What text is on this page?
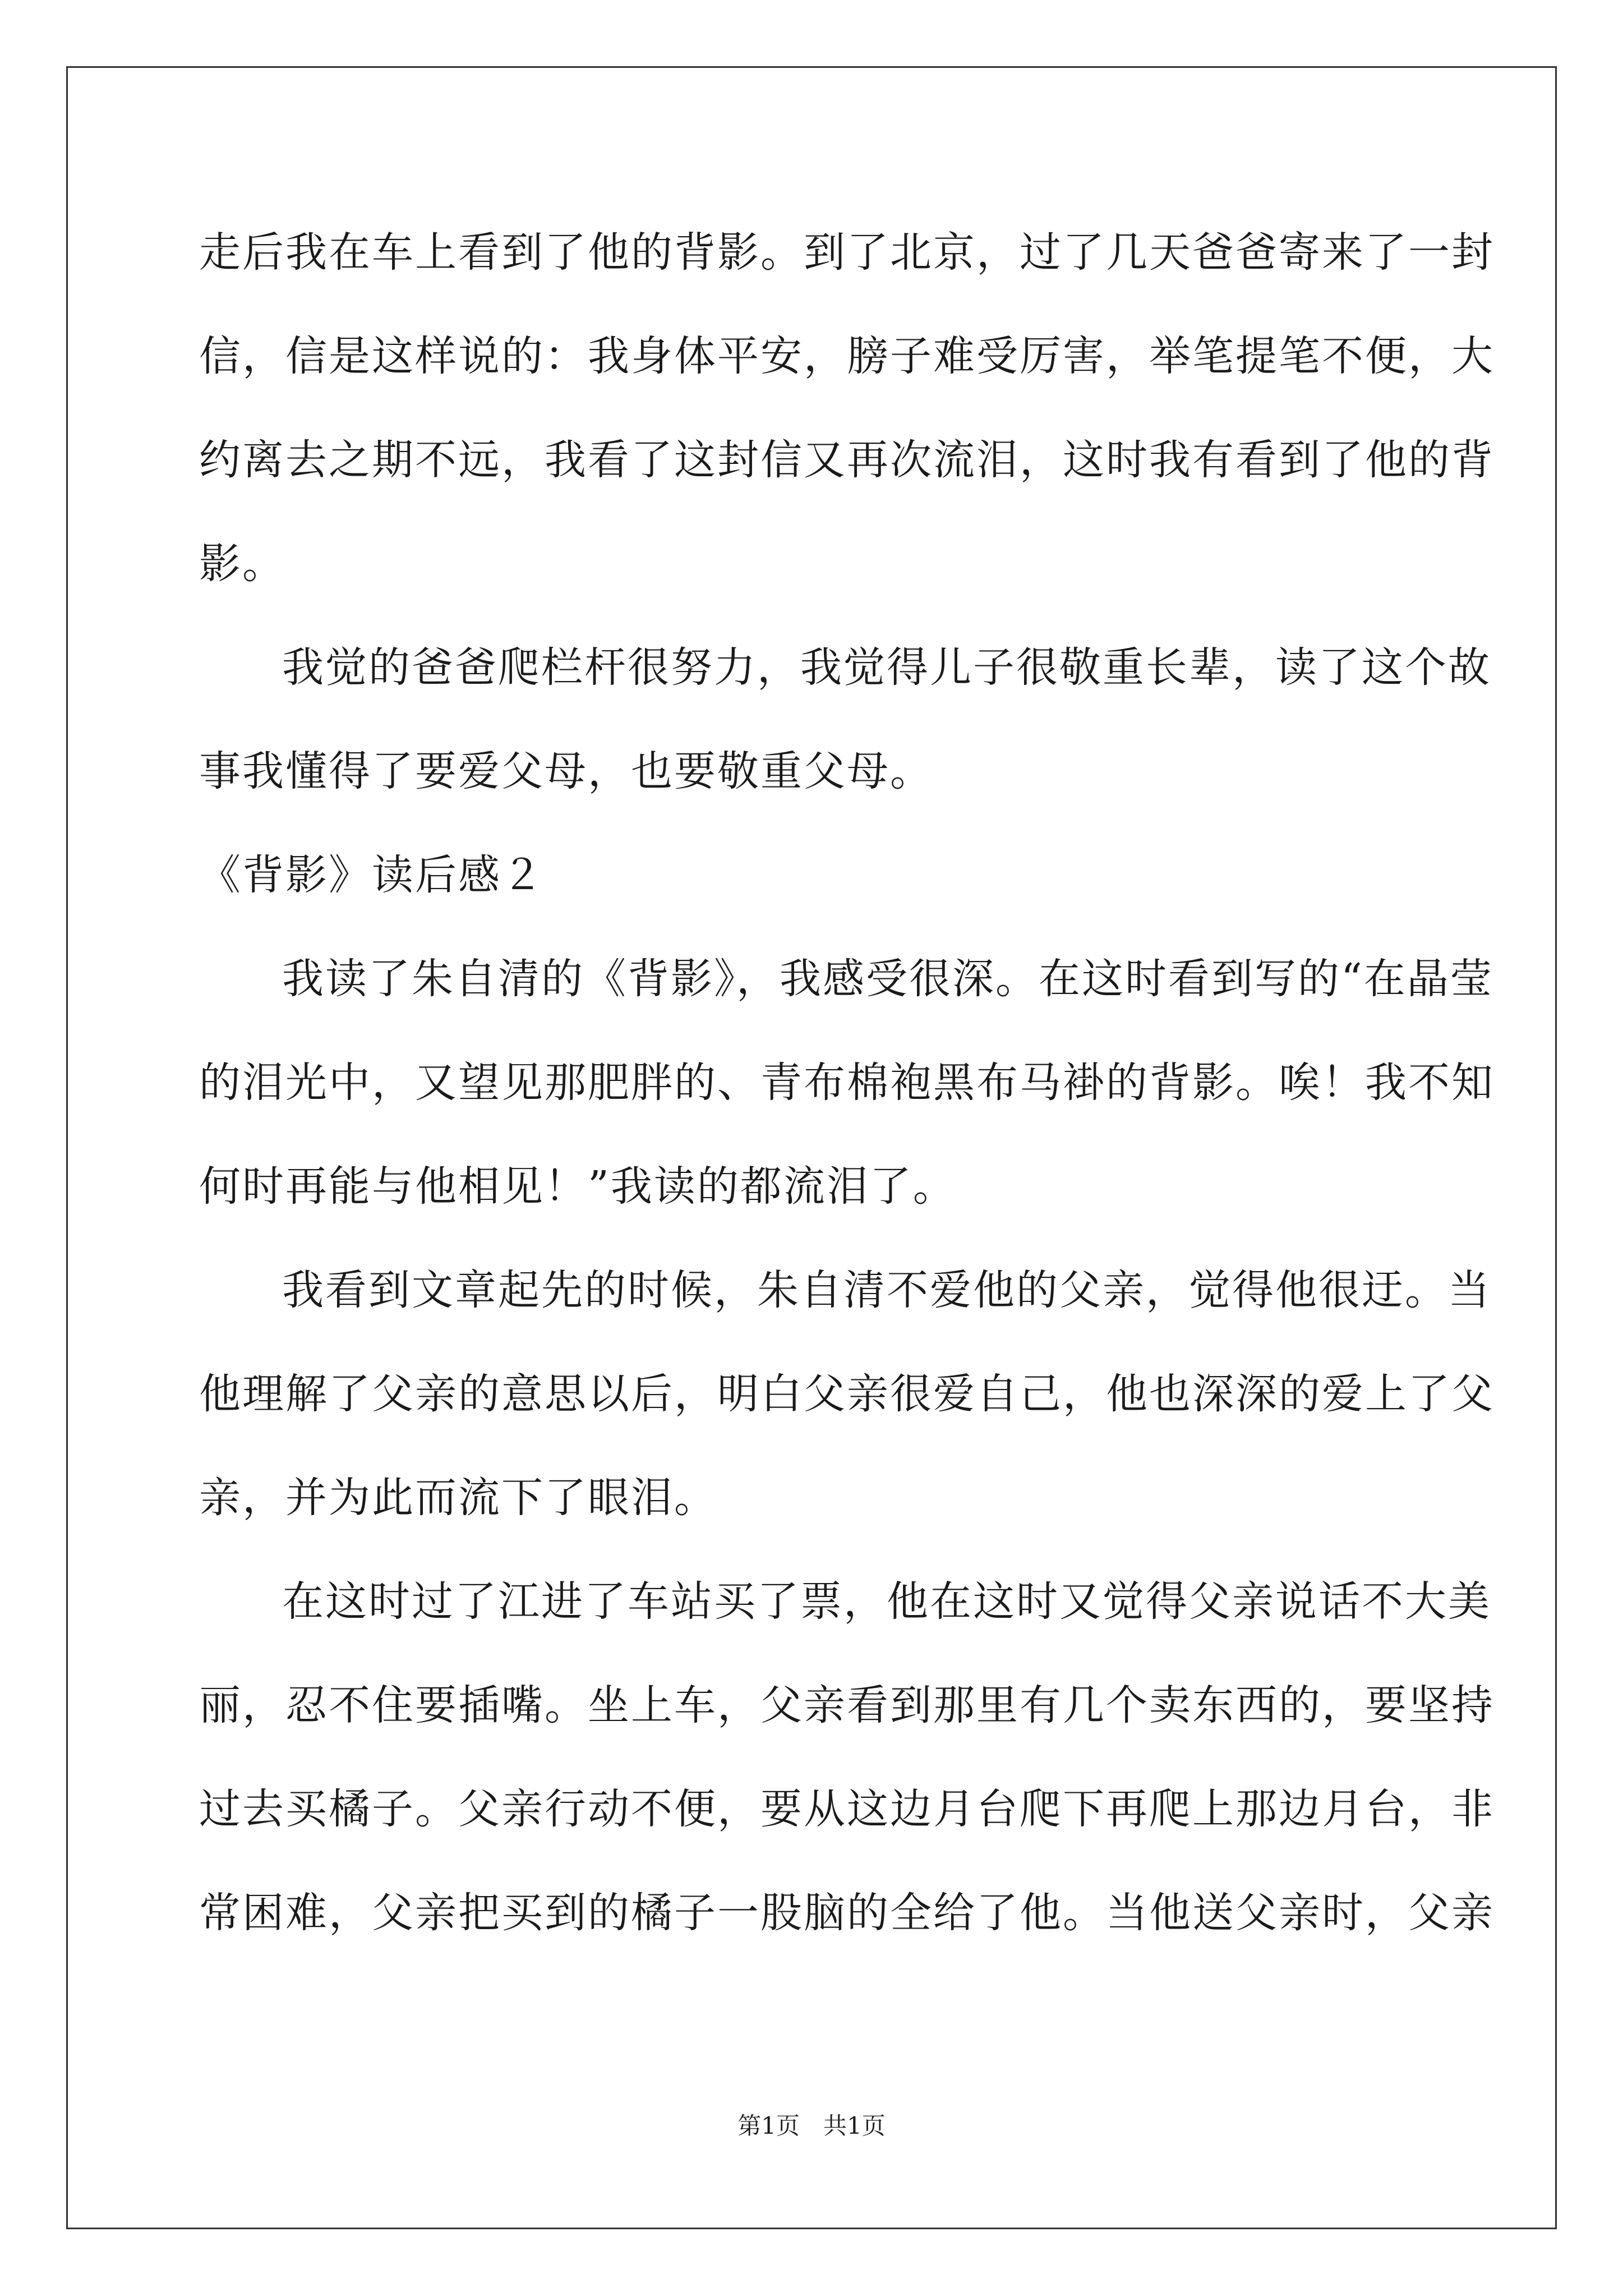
走后我在车上看到了他的背影。到了北京，过了几天爸爸寄来了一封
信，信是这样说的：我身体平安，膀子难受厉害，举笔提笔不便，大
约离去之期不远，我看了这封信又再次流泪，这时我有看到了他的背
影。
我觉的爸爸爬栏杆很努力，我觉得儿子很敬重长辈，读了这个故
事我懂得了要爱父母，也要敬重父母。
《背影》读后感２
我读了朱自清的《背影》，我感受很深。在这时看到写的“在晶莹
的泪光中，又望见那肥胖的、青布棉袍黑布马褂的背影。唉！我不知
何时再能与他相见！”我读的都流泪了。
我看到文章起先的时候，朱自清不爱他的父亲，觉得他很迂。当
他理解了父亲的意思以后，明白父亲很爱自己，他也深深的爱上了父
亲，并为此而流下了眼泪。
在这时过了江进了车站买了票，他在这时又觉得父亲说话不大美
丽，忍不住要插嘴。坐上车，父亲看到那里有几个卖东西的，要坚持
过去买橘子。父亲行动不便，要从这边月台爬下再爬上那边月台，非
常困难，父亲把买到的橘子一股脑的全给了他。当他送父亲时，父亲
第1页　共1页
